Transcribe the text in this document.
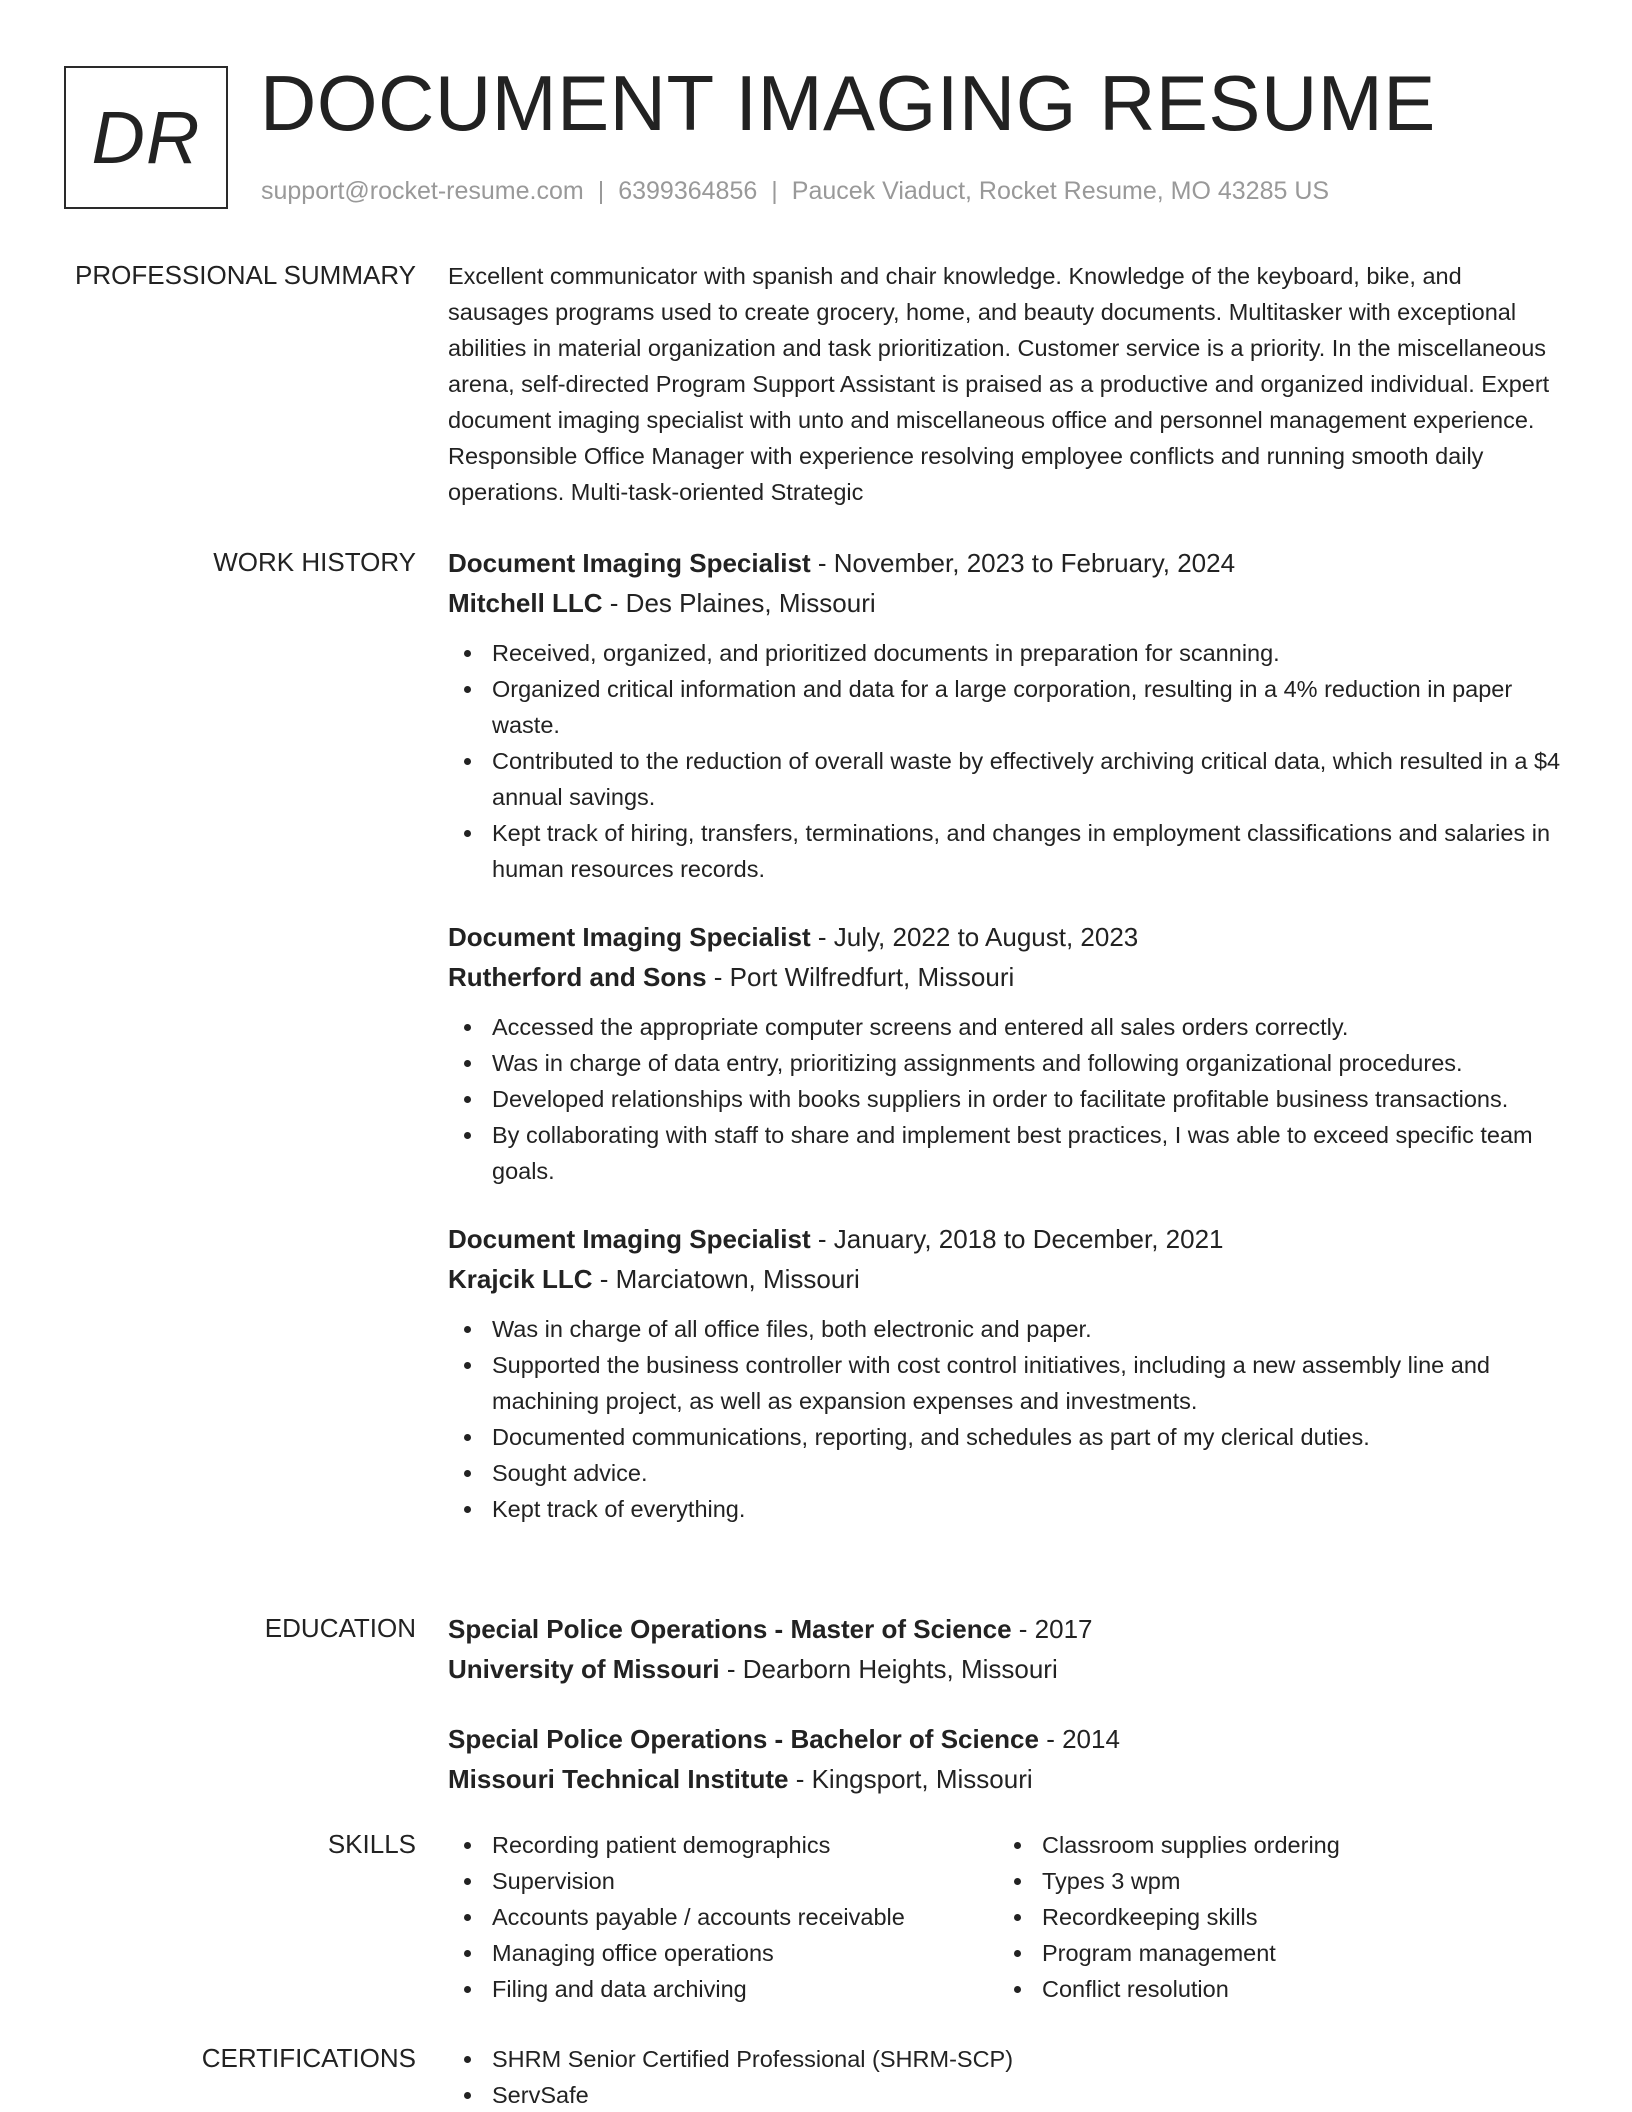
DR DOCUMENT IMAGING RESUME
support@rocket-resume.com | 6399364856 | Paucek Viaduct, Rocket Resume, MO 43285 US
PROFESSIONAL SUMMARY Excellent communicator with spanish and chair knowledge. Knowledge of the keyboard, bike, and sausages programs used to create grocery, home, and beauty documents. Multitasker with exceptional abilities in material organization and task prioritization. Customer service is a priority. In the miscellaneous arena, self-directed Program Support Assistant is praised as a productive and organized individual. Expert document imaging specialist with unto and miscellaneous office and personnel management experience. Responsible Office Manager with experience resolving employee conflicts and running smooth daily operations. Multi-task-oriented Strategic

WORK HISTORY Document Imaging Specialist - November, 2023 to February, 2024
Mitchell LLC - Des Plaines, Missouri
Received, organized, and prioritized documents in preparation for scanning.
Organized critical information and data for a large corporation, resulting in a 4% reduction in paper waste.
Contributed to the reduction of overall waste by effectively archiving critical data, which resulted in a $4 annual savings.
Kept track of hiring, transfers, terminations, and changes in employment classifications and salaries in human resources records.
Document Imaging Specialist - July, 2022 to August, 2023
Rutherford and Sons - Port Wilfredfurt, Missouri
Accessed the appropriate computer screens and entered all sales orders correctly.
Was in charge of data entry, prioritizing assignments and following organizational procedures.
Developed relationships with books suppliers in order to facilitate profitable business transactions.
By collaborating with staff to share and implement best practices, I was able to exceed specific team goals.
Document Imaging Specialist - January, 2018 to December, 2021
Krajcik LLC - Marciatown, Missouri
Was in charge of all office files, both electronic and paper.
Supported the business controller with cost control initiatives, including a new assembly line and machining project, as well as expansion expenses and investments.
Documented communications, reporting, and schedules as part of my clerical duties.
Sought advice.
Kept track of everything.
EDUCATION Special Police Operations - Master of Science - 2017
University of Missouri - Dearborn Heights, Missouri
Special Police Operations - Bachelor of Science - 2014
Missouri Technical Institute - Kingsport, Missouri
SKILLS	Recording patient demographics
Supervision
Accounts payable / accounts receivable
Managing office operations
Filing and data archiving
Classroom supplies ordering
Types 3 wpm
Recordkeeping skills
Program management
Conflict resolution
CERTIFICATIONS	SHRM Senior Certified Professional (SHRM-SCP)
ServSafe
